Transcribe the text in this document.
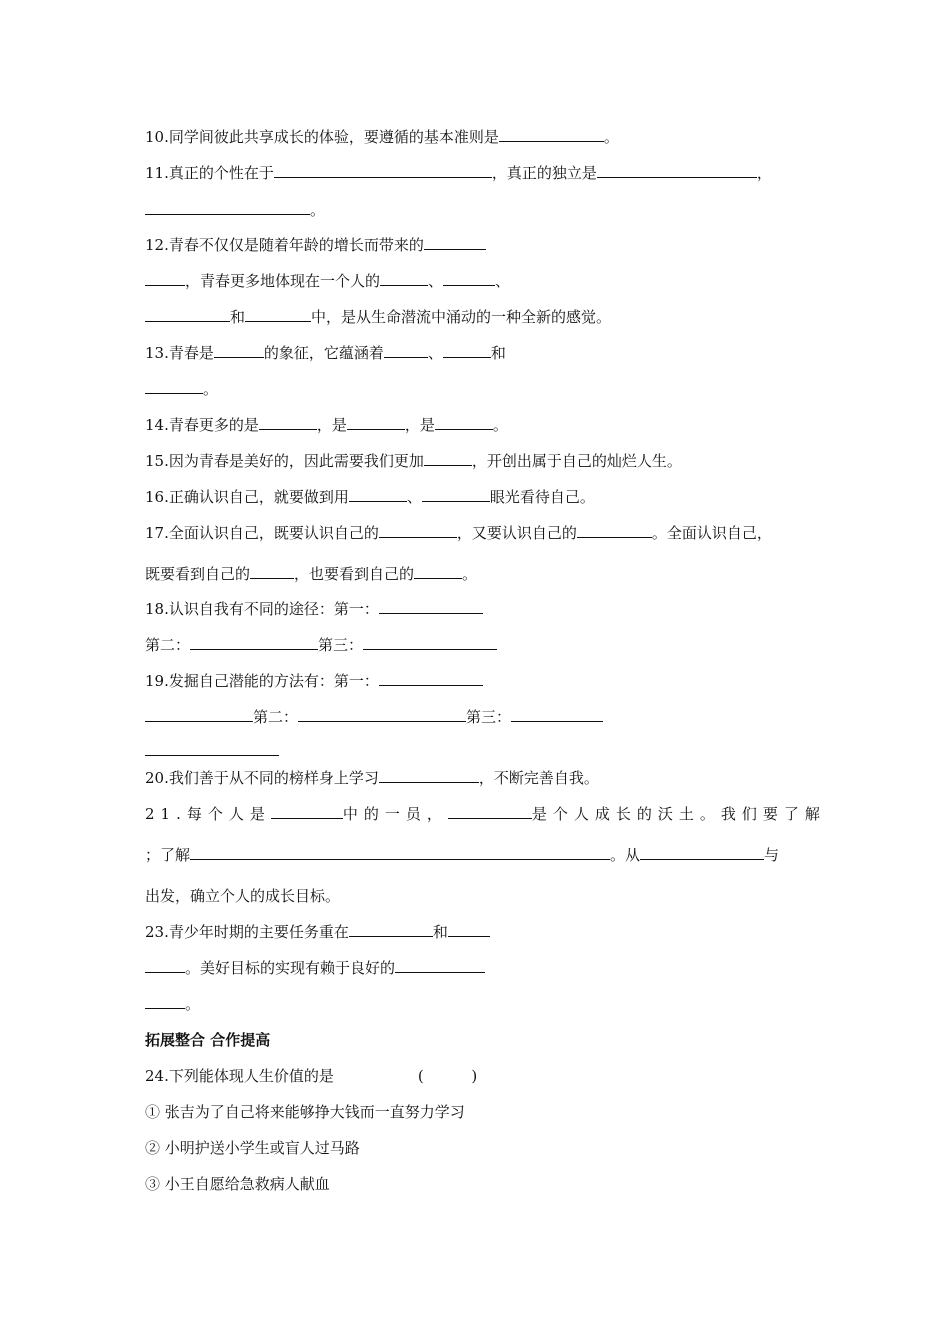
10.同学间彼此共享成长的体验，要遵循的基本准则是	。
11.真正的个性在于	，真正的独立是	，
。
12.青春不仅仅是随着年龄的增长而带来的
，青春更多地体现在一个人的	、	、
和	中，是从生命潜流中涌动的一种全新的感觉。
13.青春是	的象征，它蕴涵着	、	和
。
14.青春更多的是	，是	，是	。
15.因为青春是美好的，因此需要我们更加	，开创出属于自己的灿烂人生。
16.正确认识自己，就要做到用	、	眼光看待自己。
17.全面认识自己，既要认识自己的	，又要认识自己的	。全面认识自己，
既要看到自己的	，也要看到自己的	。
18.认识自我有不同的途径：第一：
第二：	第三：
19.发掘自己潜能的方法有：第一：
第二：	第三：
20.我们善于从不同的榜样身上学习	，不断完善自我。
21.每个人是	中的一员，	是个人成长的沃土。我们要了解
；了解	。从	与
出发，确立个人的成长目标。
23.青少年时期的主要任务重在	和
。美好目标的实现有赖于良好的
。
拓展整合 合作提高
24.下列能体现人生价值的是	(          )
① 张吉为了自己将来能够挣大钱而一直努力学习
② 小明护送小学生或盲人过马路
③ 小王自愿给急救病人献血
